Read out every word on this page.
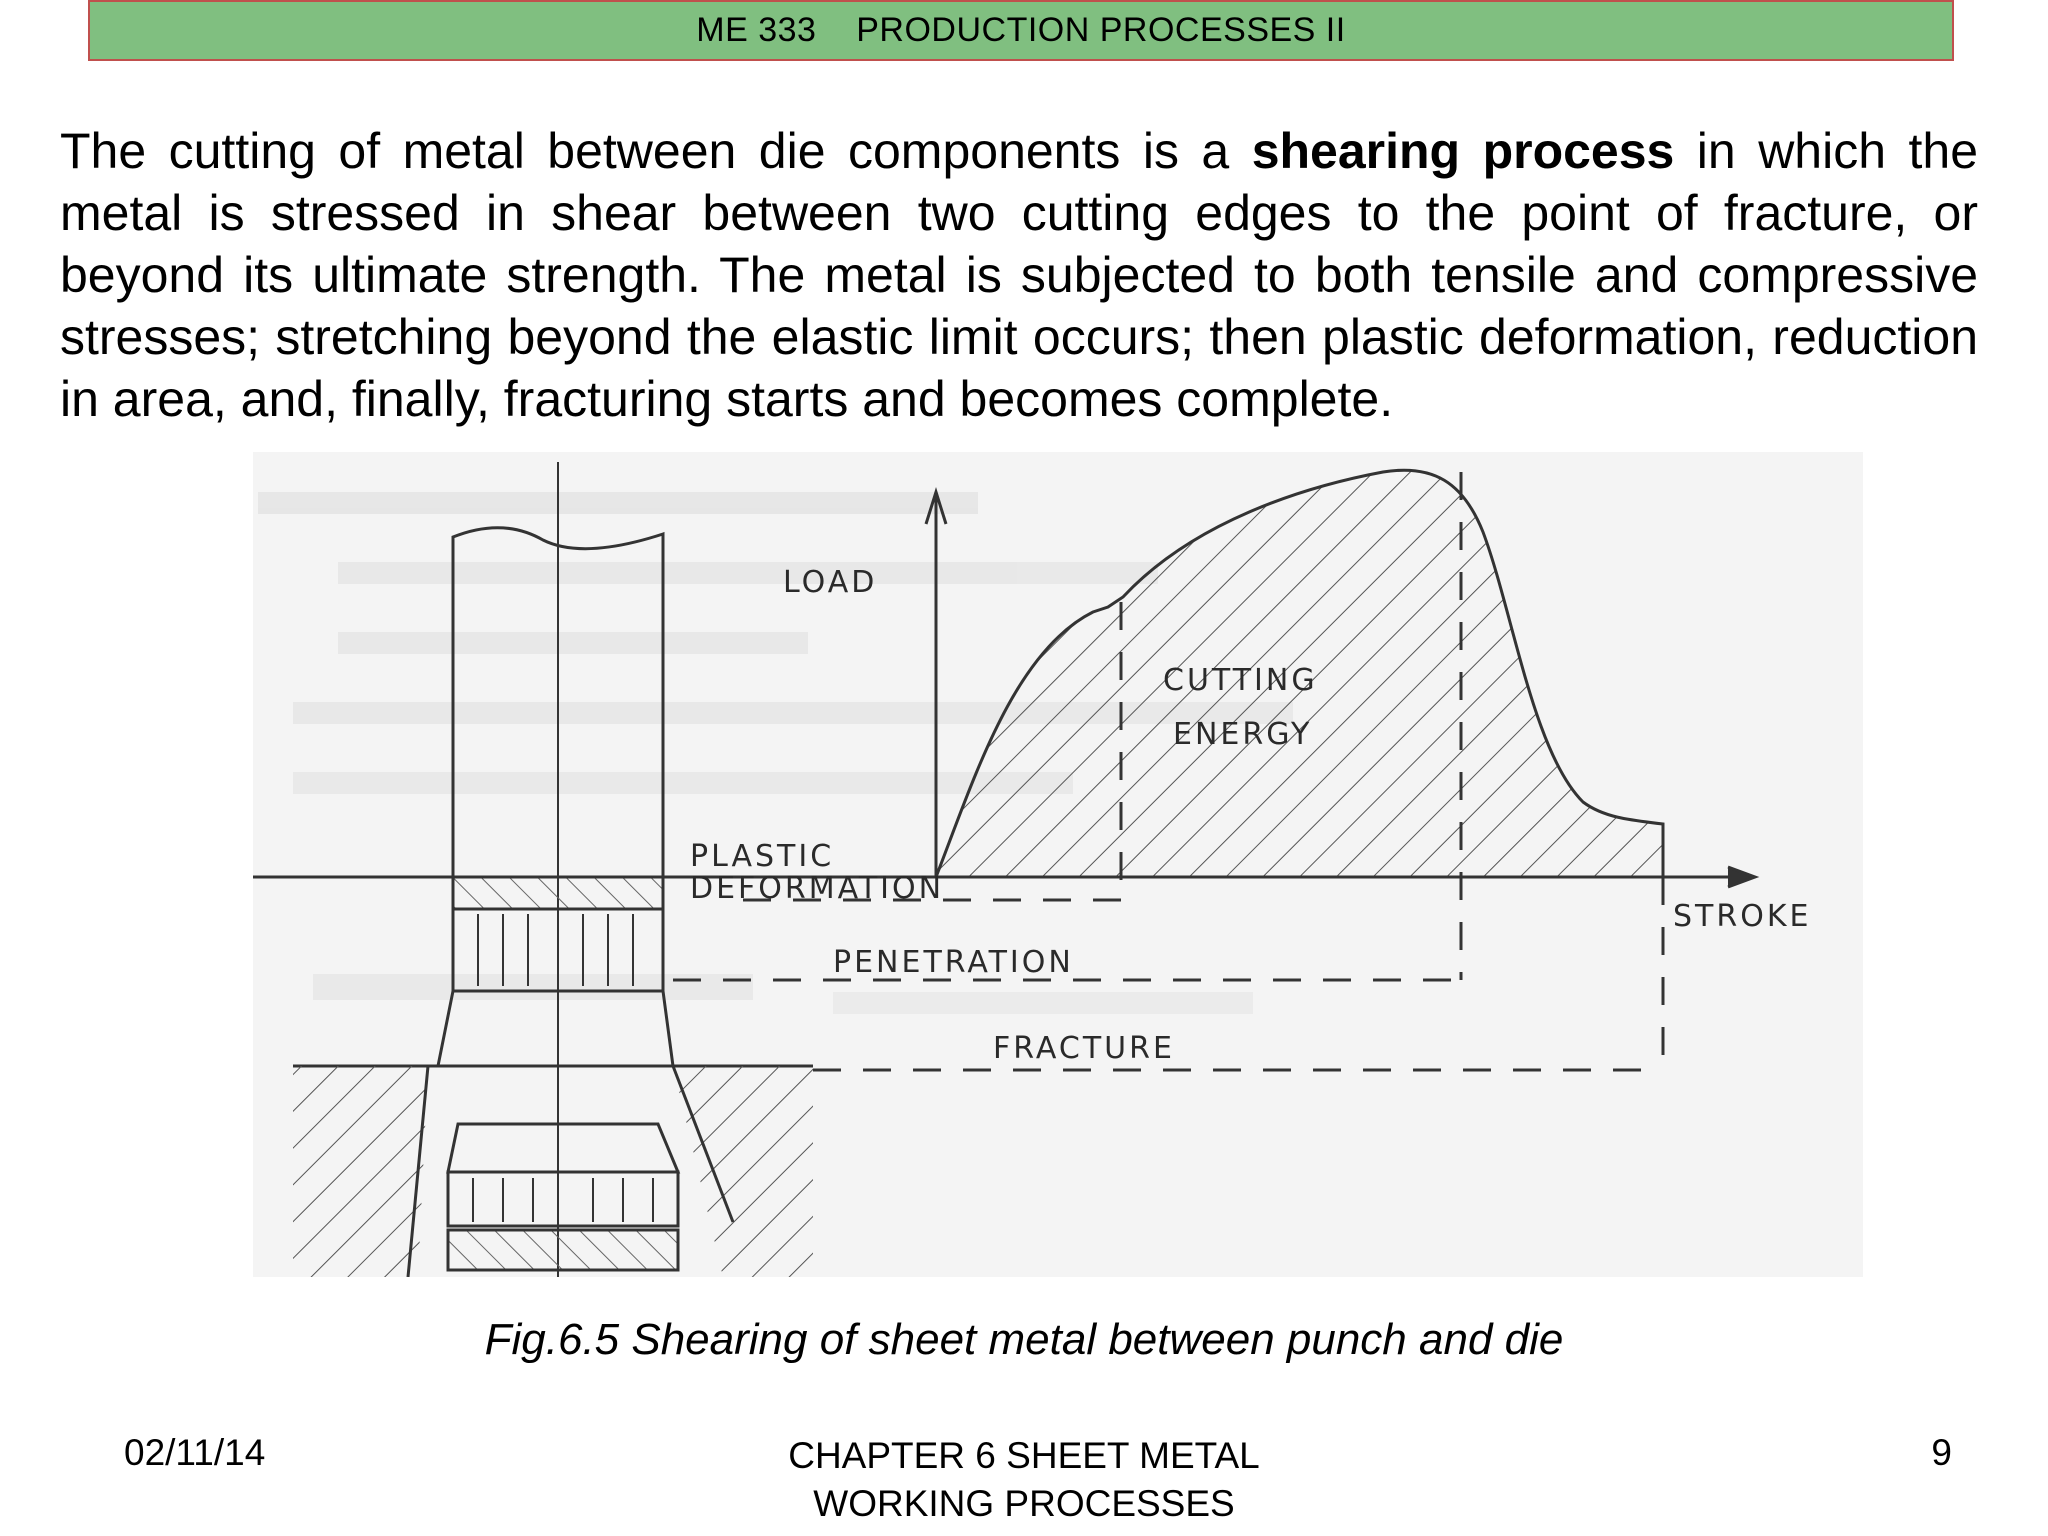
ME 333    PRODUCTION PROCESSES II
The cutting of metal between die components is a shearing process in which the metal is stressed in shear between two cutting edges to the point of fracture, or beyond its ultimate strength. The metal is subjected to both tensile and compressive stresses; stretching beyond the elastic limit occurs; then plastic deformation, reduction in area, and, finally, fracturing starts and becomes complete.
LOAD
CUTTING
ENERGY
PLASTIC
DEFORMATION
STROKE
PENETRATION
FRACTURE
Fig.6.5 Shearing of sheet metal between punch and die
02/11/14	CHAPTER 6 SHEET METAL
WORKING PROCESSES
9
